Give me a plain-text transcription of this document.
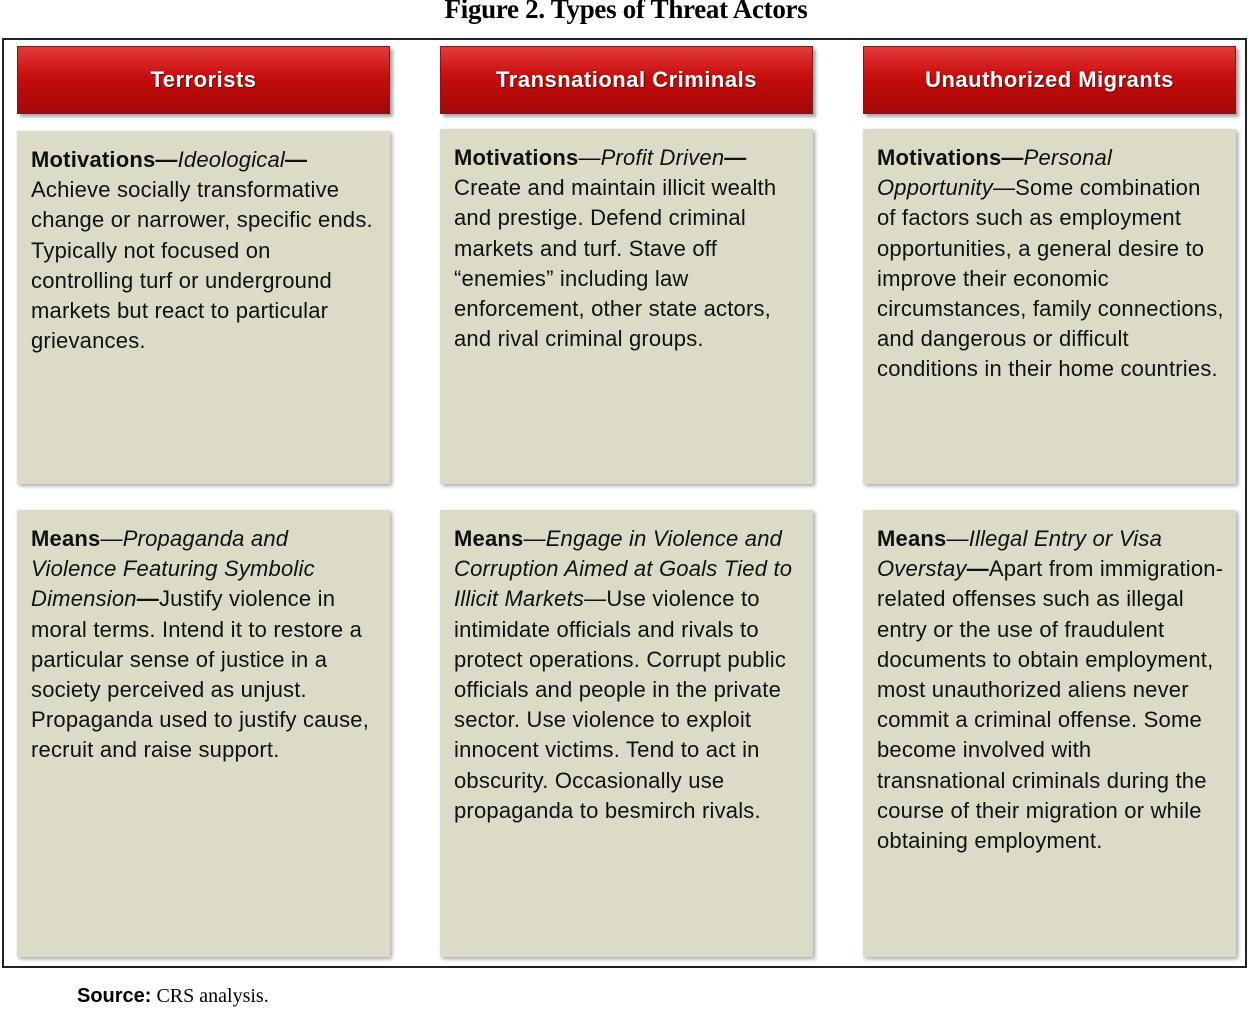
Figure 2. Types of Threat Actors
Terrorists	Transnational Criminals	Unauthorized Migrants
Motivations—Ideological—Achieve socially transformative change or narrower, specific ends. Typically not focused on controlling turf or underground markets but react to particular grievances.
Motivations—Profit Driven—Create and maintain illicit wealth and prestige. Defend criminal markets and turf. Stave off “enemies” including law enforcement, other state actors, and rival criminal groups.
Motivations—Personal Opportunity—Some combination of factors such as employment opportunities, a general desire to improve their economic circumstances, family connections, and dangerous or difficult conditions in their home countries.
Means—Propaganda and Violence Featuring Symbolic Dimension—Justify violence in moral terms. Intend it to restore a particular sense of justice in a society perceived as unjust. Propaganda used to justify cause, recruit and raise support.
Means—Engage in Violence and Corruption Aimed at Goals Tied to Illicit Markets—Use violence to intimidate officials and rivals to protect operations. Corrupt public officials and people in the private sector. Use violence to exploit innocent victims. Tend to act in obscurity. Occasionally use propaganda to besmirch rivals.
Means—Illegal Entry or Visa Overstay—Apart from immigration-related offenses such as illegal entry or the use of fraudulent documents to obtain employment, most unauthorized aliens never commit a criminal offense. Some become involved with transnational criminals during the course of their migration or while obtaining employment.
Source: CRS analysis.
